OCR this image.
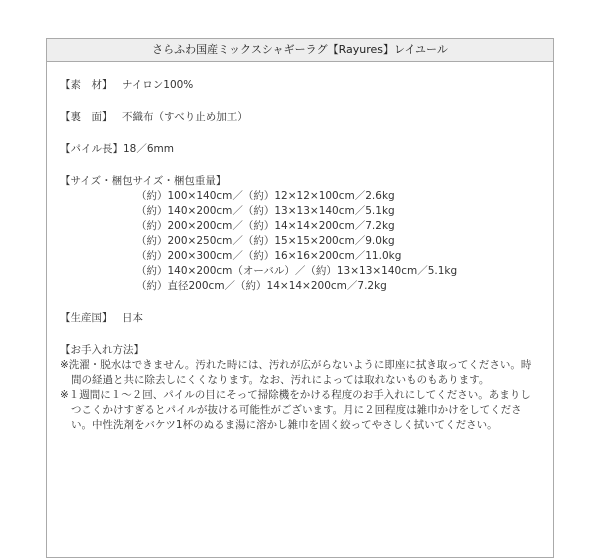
さらふわ国産ミックスシャギーラグ【Rayures】レイユール
【素　材】 ナイロン100%
【裏　面】 不織布（すべり止め加工）
【パイル長】18／6mm
【サイズ・梱包サイズ・梱包重量】
（約）100×140cm／（約）12×12×100cm／2.6kg
（約）140×200cm／（約）13×13×140cm／5.1kg
（約）200×200cm／（約）14×14×200cm／7.2kg
（約）200×250cm／（約）15×15×200cm／9.0kg
（約）200×300cm／（約）16×16×200cm／11.0kg
（約）140×200cm（オーバル）／（約）13×13×140cm／5.1kg
（約）直径200cm／（約）14×14×200cm／7.2kg
【生産国】 日本
【お手入れ方法】
※洗濯・脱水はできません。汚れた時には、汚れが広がらないように即座に拭き取ってください。時間の経過と共に除去しにくくなります。なお、汚れによっては取れないものもあります。
※１週間に１～２回、パイルの目にそって掃除機をかける程度のお手入れにしてください。あまりしつこくかけすぎるとパイルが抜ける可能性がございます。月に２回程度は雑巾かけをしてください。中性洗剤をバケツ1杯のぬるま湯に溶かし雑巾を固く絞ってやさしく拭いてください。
